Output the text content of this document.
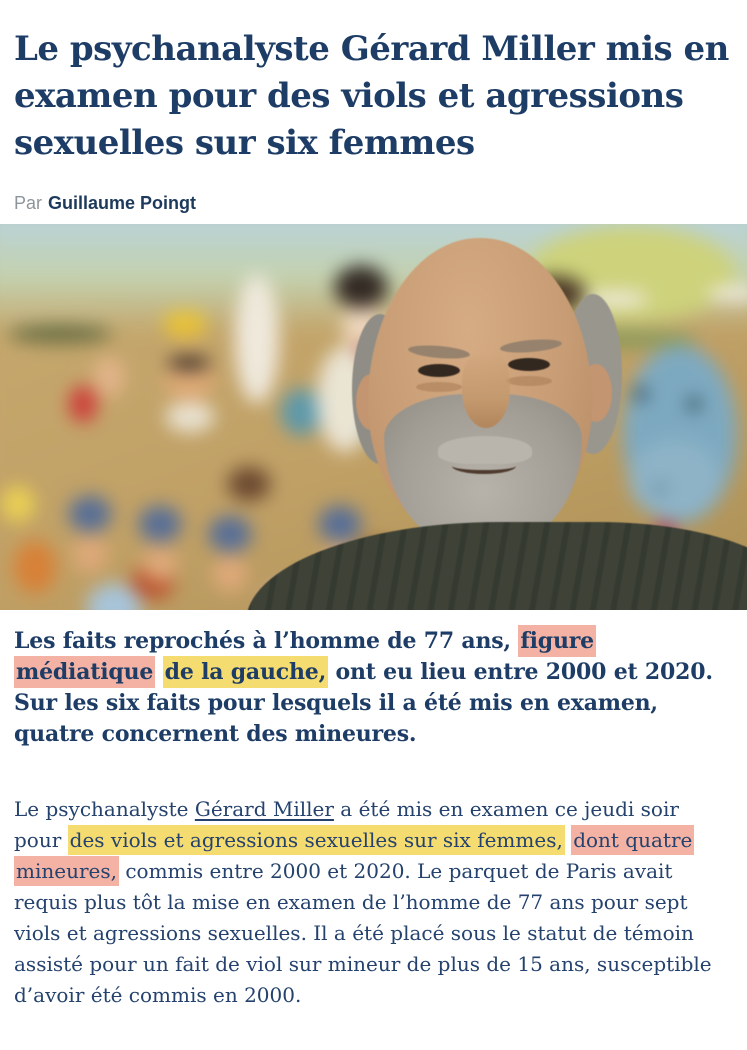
Le psychanalyste Gérard Miller mis en examen pour des viols et agressions sexuelles sur six femmes
Par Guillaume Poingt

Les faits reprochés à l’homme de 77 ans, figure médiatique de la gauche, ont eu lieu entre 2000 et 2020. Sur les six faits pour lesquels il a été mis en examen, quatre concernent des mineures.

Le psychanalyste Gérard Miller a été mis en examen ce jeudi soir pour des viols et agressions sexuelles sur six femmes, dont quatre mineures, commis entre 2000 et 2020. Le parquet de Paris avait requis plus tôt la mise en examen de l’homme de 77 ans pour sept viols et agressions sexuelles. Il a été placé sous le statut de témoin assisté pour un fait de viol sur mineur de plus de 15 ans, susceptible d’avoir été commis en 2000.
